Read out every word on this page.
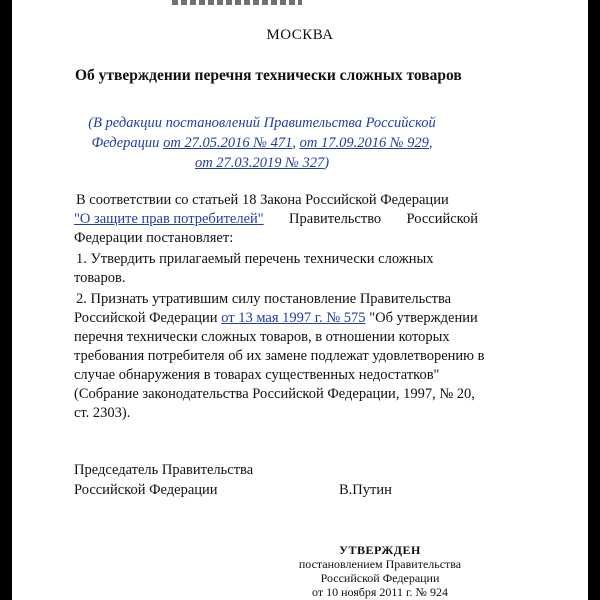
МОСКВА
Об утверждении перечня технически сложных товаров
(В редакции постановлений Правительства Российской
Федерации от 27.05.2016 № 471, от 17.09.2016 № 929,
от 27.03.2019 № 327)
В соответствии со статьей 18 Закона Российской Федерации
"О защите прав потребителей" Правительство Российской
Федерации постановляет:
1. Утвердить прилагаемый перечень технически сложных
товаров.
2. Признать утратившим силу постановление Правительства
Российской Федерации от 13 мая 1997 г. № 575 "Об утверждении
перечня технически сложных товаров, в отношении которых
требования потребителя об их замене подлежат удовлетворению в
случае обнаружения в товарах существенных недостатков"
(Собрание законодательства Российской Федерации, 1997, № 20,
ст. 2303).
Председатель Правительства
Российской Федерации	В.Путин
УТВЕРЖДЕН
постановлением Правительства
Российской Федерации
от 10 ноября 2011 г. № 924
